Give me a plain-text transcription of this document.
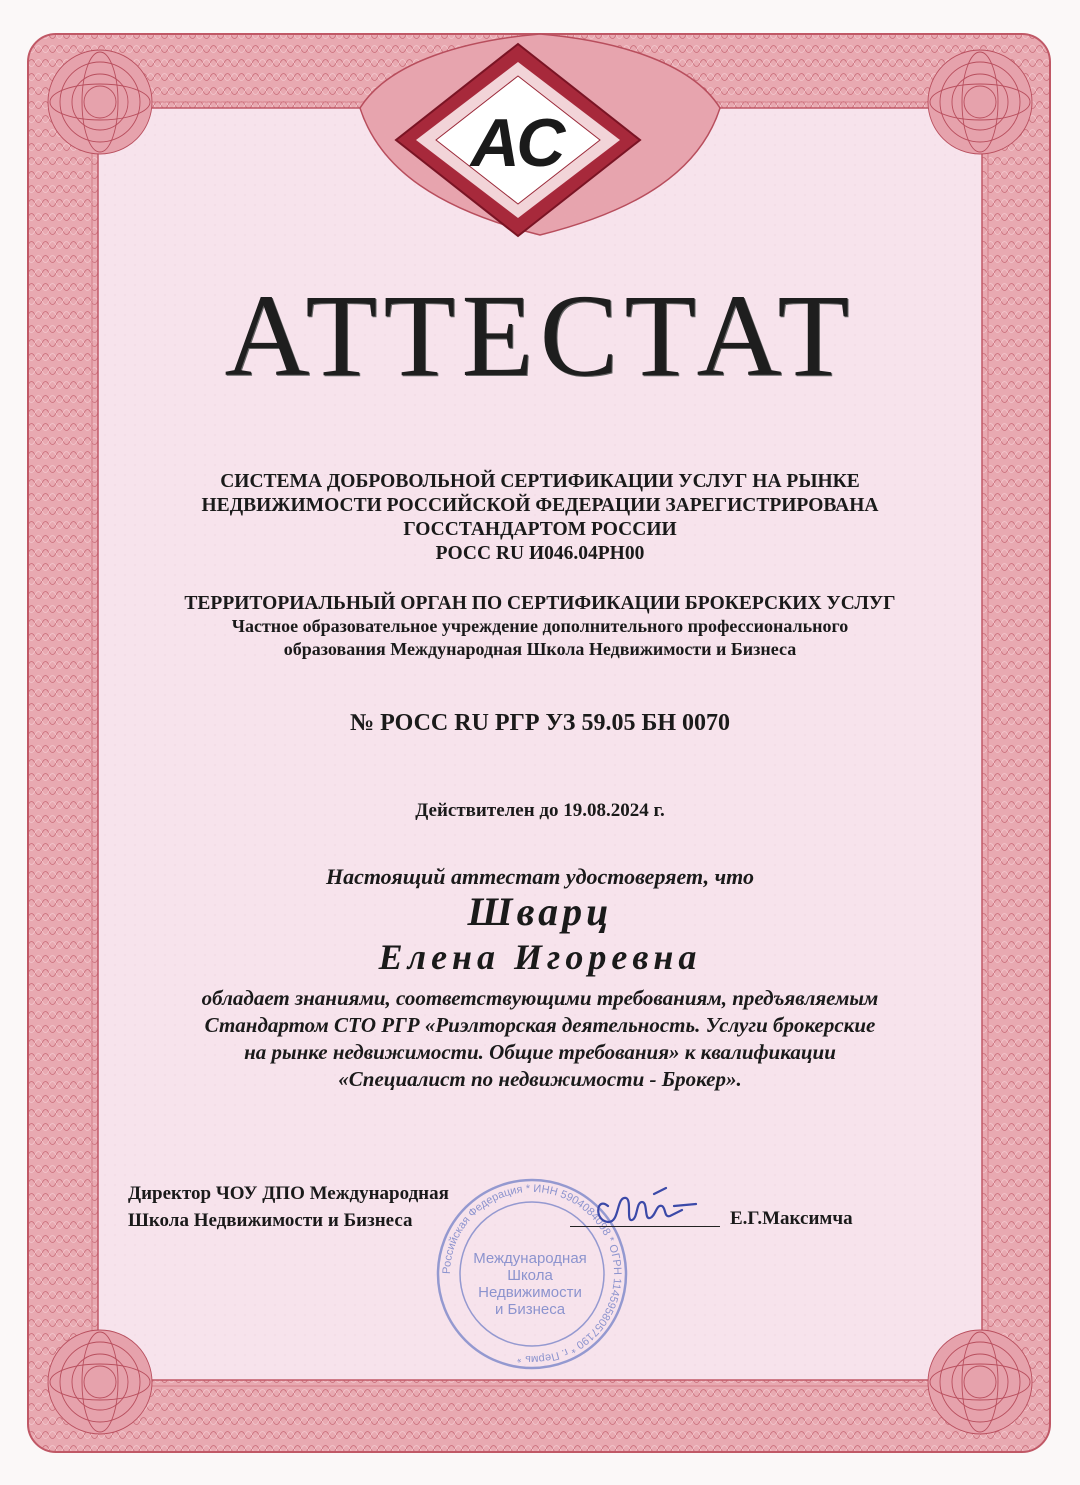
АС
АТТЕСТАТ
СИСТЕМА ДОБРОВОЛЬНОЙ СЕРТИФИКАЦИИ УСЛУГ НА РЫНКЕ
НЕДВИЖИМОСТИ РОССИЙСКОЙ ФЕДЕРАЦИИ ЗАРЕГИСТРИРОВАНА
ГОССТАНДАРТОМ РОССИИ
РОСС RU И046.04РН00
ТЕРРИТОРИАЛЬНЫЙ ОРГАН ПО СЕРТИФИКАЦИИ БРОКЕРСКИХ УСЛУГ
Частное образовательное учреждение дополнительного профессионального
образования Международная Школа Недвижимости и Бизнеса
№ РОСС RU РГР УЗ 59.05 БН 0070
Действителен до 19.08.2024 г.
Настоящий аттестат удостоверяет, что
Шварц
Елена Игоревна
обладает знаниями, соответствующими требованиям, предъявляемым
Стандартом СТО РГР «Риэлторская деятельность. Услуги брокерские
на рынке недвижимости. Общие требования» к квалификации
«Специалист по недвижимости - Брокер».
Директор ЧОУ ДПО Международная
Школа Недвижимости и Бизнеса
Российская Федерация * ИНН 5904084098 * ОГРН 1145958057190 * г. Пермь *
Международная
Школа
Недвижимости
и Бизнеса
Е.Г.Максимча
